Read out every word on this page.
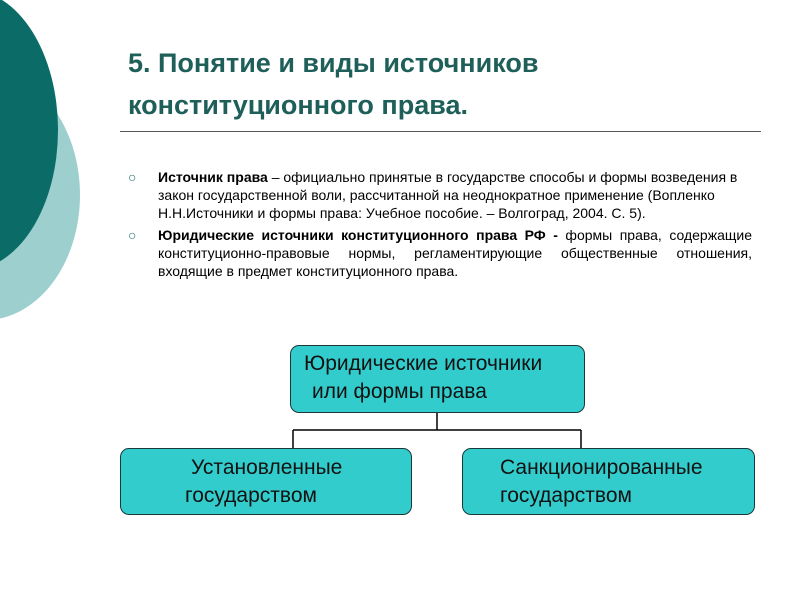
5. Понятие и виды источников
конституционного права.
○ Источник права – официально принятые в государстве способы и формы возведения в закон государственной воли, рассчитанной на неоднократное применение (Вопленко Н.Н.Источники и формы права: Учебное пособие. – Волгоград, 2004. С. 5).
○ Юридические источники конституционного права РФ - формы права, содержащие конституционно-правовые нормы, регламентирующие общественные отношения, входящие в предмет конституционного права.
Юридические источники
или формы права
Установленные
государством
Санкционированные
государством
